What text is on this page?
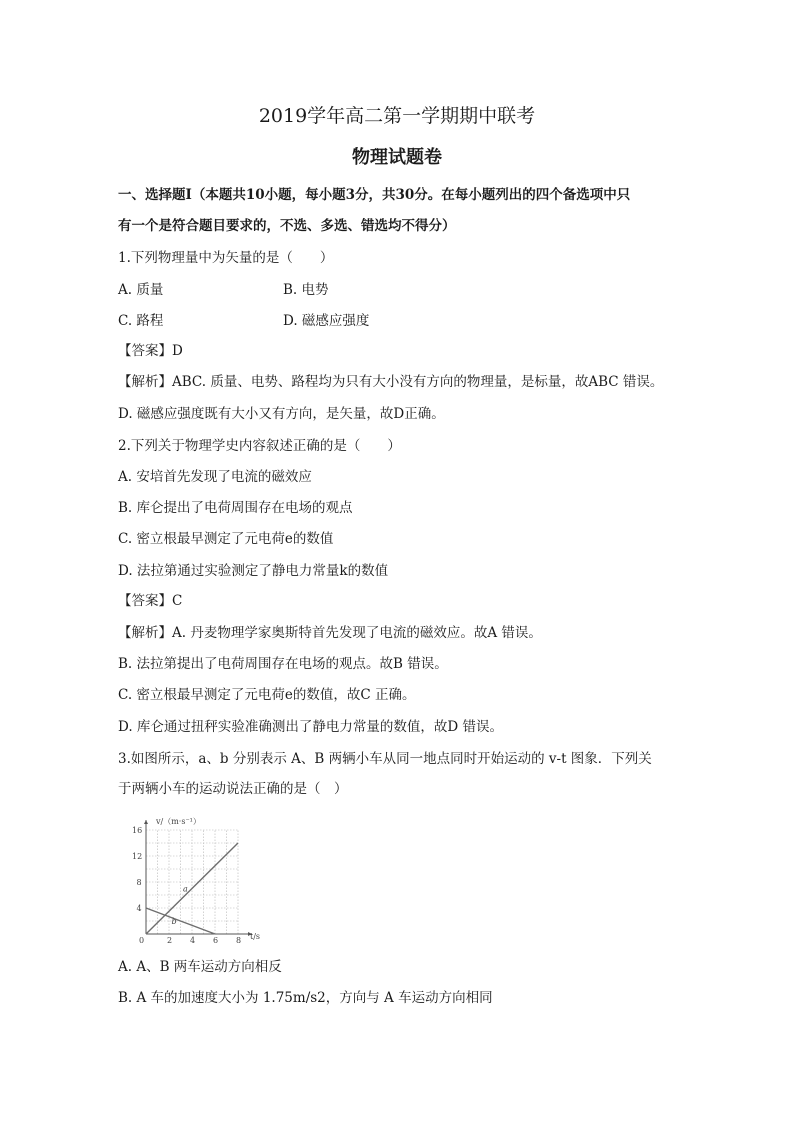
2019学年高二第一学期期中联考
物理试题卷
一、选择题Ⅰ（本题共10小题，每小题3分，共30分。在每小题列出的四个备选项中只
有一个是符合题目要求的，不选、多选、错选均不得分）
1.下列物理量中为矢量的是（　　）
A. 质量	B. 电势
C. 路程	D. 磁感应强度
【答案】D
【解析】ABC. 质量、电势、路程均为只有大小没有方向的物理量，是标量，故ABC 错误。
D. 磁感应强度既有大小又有方向，是矢量，故D正确。
2.下列关于物理学史内容叙述正确的是（　　）
A. 安培首先发现了电流的磁效应
B. 库仑提出了电荷周围存在电场的观点
C. 密立根最早测定了元电荷e的数值
D. 法拉第通过实验测定了静电力常量k的数值
【答案】C
【解析】A. 丹麦物理学家奥斯特首先发现了电流的磁效应。故A 错误。
B. 法拉第提出了电荷周围存在电场的观点。故B 错误。
C. 密立根最早测定了元电荷e的数值，故C 正确。
D. 库仑通过扭秤实验准确测出了静电力常量的数值，故D 错误。
3.如图所示，a、b 分别表示 A、B 两辆小车从同一地点同时开始运动的 v-t 图象．下列关
于两辆小车的运动说法正确的是（　）
a
b
0	2 4 6 8
4
8
12
16
v/（m·s⁻¹）
t/s
A. A、B 两车运动方向相反
B. A 车的加速度大小为 1.75m/s2，方向与 A 车运动方向相同
